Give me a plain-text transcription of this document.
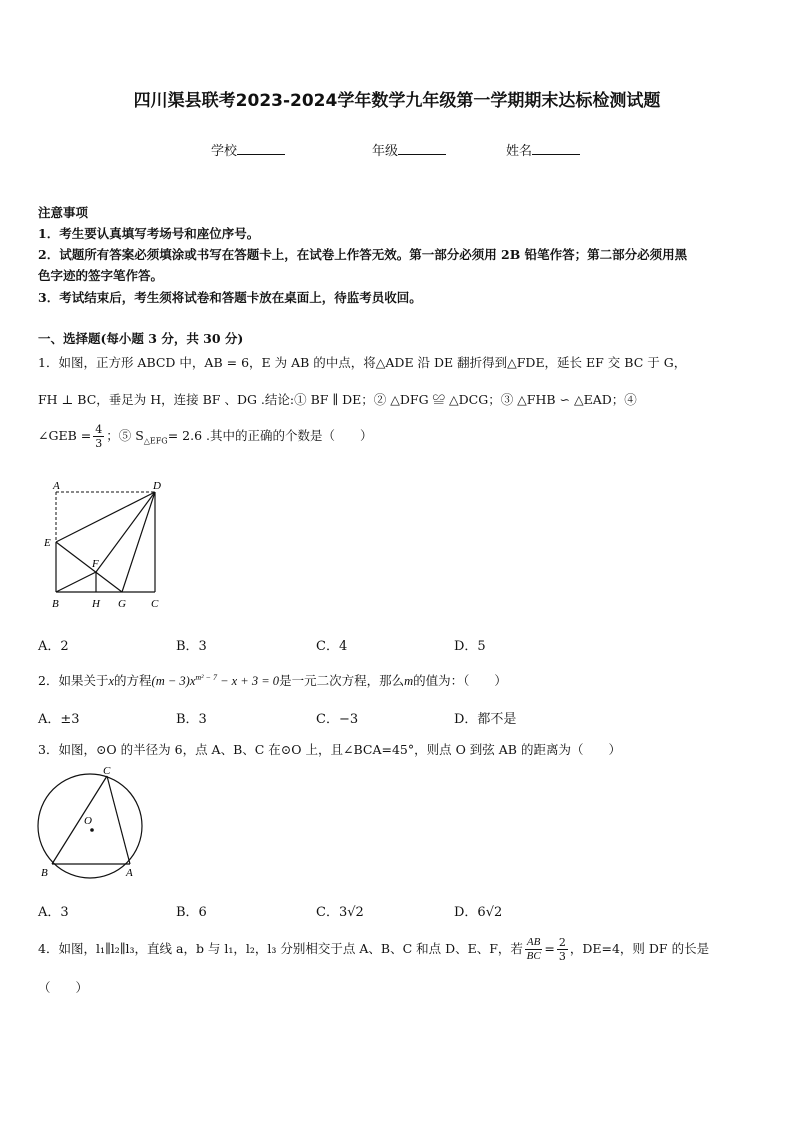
四川渠县联考2023-2024学年数学九年级第一学期期末达标检测试题
学校	年级	姓名
注意事项
1．考生要认真填写考场号和座位序号。
2．试题所有答案必须填涂或书写在答题卡上，在试卷上作答无效。第一部分必须用 2B 铅笔作答；第二部分必须用黑
色字迹的签字笔作答。
3．考试结束后，考生须将试卷和答题卡放在桌面上，待监考员收回。
一、选择题(每小题 3 分，共 30 分)
1．如图，正方形 ABCD 中，AB = 6，E 为 AB 的中点，将△ADE 沿 DE 翻折得到△FDE，延长 EF 交 BC 于 G，
FH ⊥ BC，垂足为 H，连接 BF 、DG .结论:① BF ∥ DE；② △DFG ≌ △DCG；③ △FHB ∽ △EAD；④
∠GEB = $\frac{4}{3}$ ；⑤ $S_{\triangle EFG}= 2.6$ .其中的正确的个数是（　　）
A	D
E
F
B	H G C
A．2	B．3	C．4	D．5
2．如果关于x的方程$(m - 3)x^{m^2 - 7} - x + 3 = 0$是一元二次方程，那么m的值为：（　　）
A．±3	B．3	C．−3	D．都不是
3．如图，⊙O 的半径为 6，点 A、B、C 在⊙O 上，且∠BCA=45°，则点 O 到弦 AB 的距离为（　　）
C
O
B	A
A．3	B．6	C．3√2	D．6√2
4．如图，l₁∥l₂∥l₃，直线 a，b 与 l₁，l₂，l₃ 分别相交于点 A、B、C 和点 D、E、F，若 $\frac{AB}{BC} = \frac{2}{3}$ ，DE=4，则 DF 的长是
（　　）
